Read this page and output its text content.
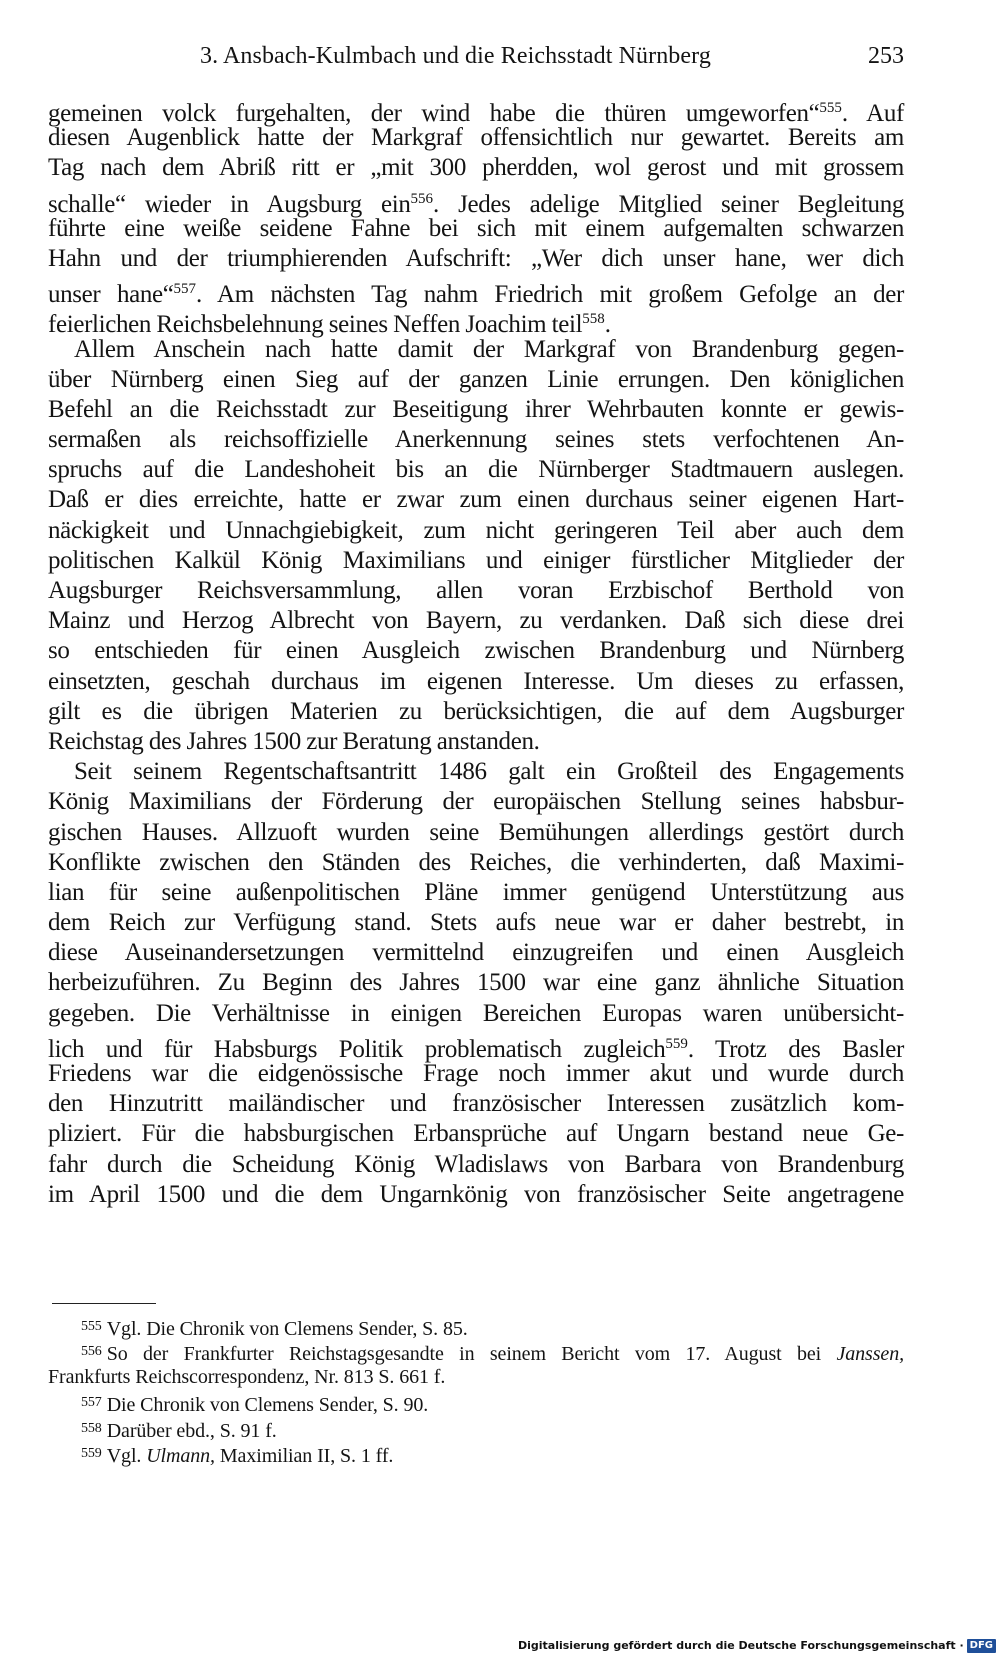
3. Ansbach-Kulmbach und die Reichsstadt Nürnberg	253
gemeinen volck furgehalten, der wind habe die thüren umgeworfen“$^{555}$. Auf
diesen Augenblick hatte der Markgraf offensichtlich nur gewartet. Bereits am
Tag nach dem Abriß ritt er „mit 300 pherdden, wol gerost und mit grossem
schalle“ wieder in Augsburg ein$^{556}$. Jedes adelige Mitglied seiner Begleitung
führte eine weiße seidene Fahne bei sich mit einem aufgemalten schwarzen
Hahn und der triumphierenden Aufschrift: „Wer dich unser hane, wer dich
unser hane“$^{557}$. Am nächsten Tag nahm Friedrich mit großem Gefolge an der
feierlichen Reichsbelehnung seines Neffen Joachim teil$^{558}$.
Allem Anschein nach hatte damit der Markgraf von Brandenburg gegen-
über Nürnberg einen Sieg auf der ganzen Linie errungen. Den königlichen
Befehl an die Reichsstadt zur Beseitigung ihrer Wehrbauten konnte er gewis-
sermaßen als reichsoffizielle Anerkennung seines stets verfochtenen An-
spruchs auf die Landeshoheit bis an die Nürnberger Stadtmauern auslegen.
Daß er dies erreichte, hatte er zwar zum einen durchaus seiner eigenen Hart-
näckigkeit und Unnachgiebigkeit, zum nicht geringeren Teil aber auch dem
politischen Kalkül König Maximilians und einiger fürstlicher Mitglieder der
Augsburger Reichsversammlung, allen voran Erzbischof Berthold von
Mainz und Herzog Albrecht von Bayern, zu verdanken. Daß sich diese drei
so entschieden für einen Ausgleich zwischen Brandenburg und Nürnberg
einsetzten, geschah durchaus im eigenen Interesse. Um dieses zu erfassen,
gilt es die übrigen Materien zu berücksichtigen, die auf dem Augsburger
Reichstag des Jahres 1500 zur Beratung anstanden.
Seit seinem Regentschaftsantritt 1486 galt ein Großteil des Engagements
König Maximilians der Förderung der europäischen Stellung seines habsbur-
gischen Hauses. Allzuoft wurden seine Bemühungen allerdings gestört durch
Konflikte zwischen den Ständen des Reiches, die verhinderten, daß Maximi-
lian für seine außenpolitischen Pläne immer genügend Unterstützung aus
dem Reich zur Verfügung stand. Stets aufs neue war er daher bestrebt, in
diese Auseinandersetzungen vermittelnd einzugreifen und einen Ausgleich
herbeizuführen. Zu Beginn des Jahres 1500 war eine ganz ähnliche Situation
gegeben. Die Verhältnisse in einigen Bereichen Europas waren unübersicht-
lich und für Habsburgs Politik problematisch zugleich$^{559}$. Trotz des Basler
Friedens war die eidgenössische Frage noch immer akut und wurde durch
den Hinzutritt mailändischer und französischer Interessen zusätzlich kom-
pliziert. Für die habsburgischen Erbansprüche auf Ungarn bestand neue Ge-
fahr durch die Scheidung König Wladislaws von Barbara von Brandenburg
im April 1500 und die dem Ungarnkönig von französischer Seite angetragene
$^{555}$ Vgl. Die Chronik von Clemens Sender, S. 85.
$^{556}$ So der Frankfurter Reichstagsgesandte in seinem Bericht vom 17. August bei Janssen,
Frankfurts Reichscorrespondenz, Nr. 813 S. 661 f.
$^{557}$ Die Chronik von Clemens Sender, S. 90.
$^{558}$ Darüber ebd., S. 91 f.
$^{559}$ Vgl. Ulmann, Maximilian II, S. 1 ff.
Digitalisierung gefördert durch die Deutsche Forschungsgemeinschaft · DFG
